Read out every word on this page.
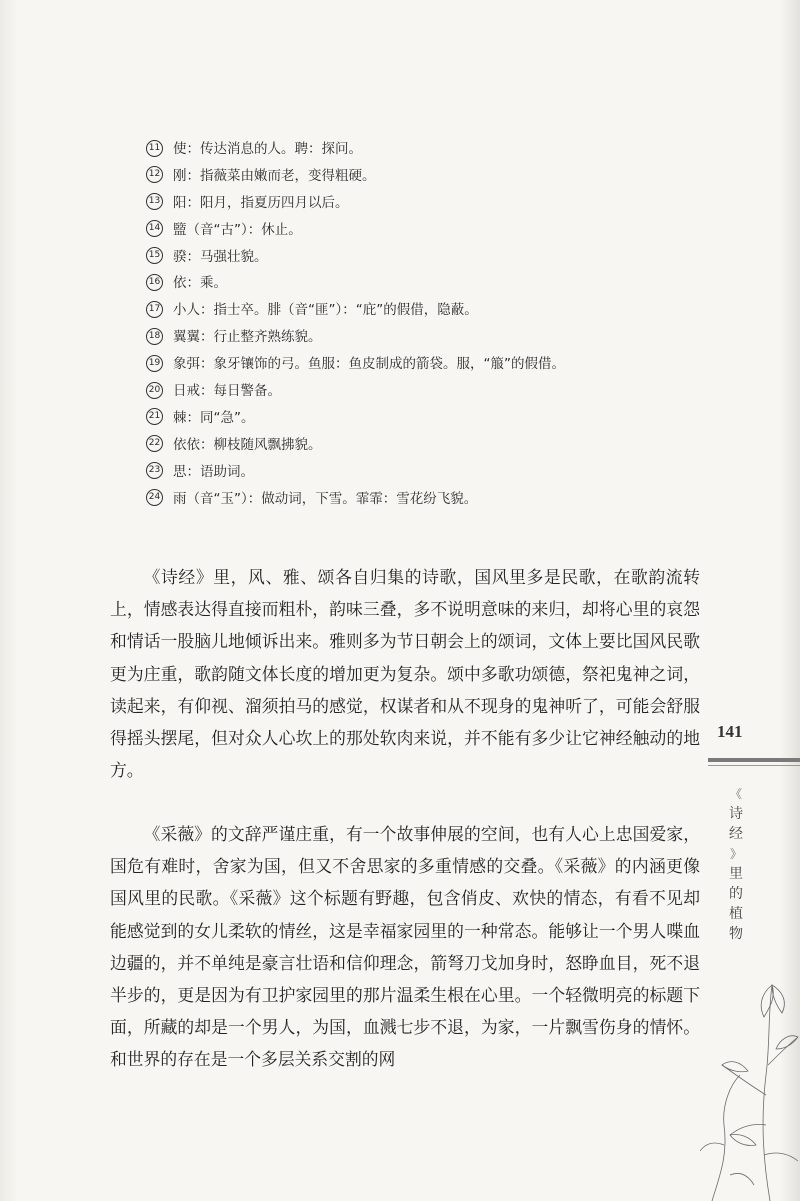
11 使：传达消息的人。聘：探问。
12 刚：指薇菜由嫩而老，变得粗硬。
13 阳：阳月，指夏历四月以后。
14 盬（音“古”）：休止。
15 骙：马强壮貌。
16 依：乘。
17 小人：指士卒。腓（音“匪”）：“庇”的假借，隐蔽。
18 翼翼：行止整齐熟练貌。
19 象弭：象牙镶饰的弓。鱼服：鱼皮制成的箭袋。服，“箙”的假借。
20 日戒：每日警备。
21 棘：同“急”。
22 依依：柳枝随风飘拂貌。
23 思：语助词。
24 雨（音“玉”）：做动词，下雪。霏霏：雪花纷飞貌。

《诗经》里，风、雅、颂各自归集的诗歌，国风里多是民歌，在歌韵流转上，情感表达得直接而粗朴，韵味三叠，多不说明意味的来归，却将心里的哀怨和情话一股脑儿地倾诉出来。雅则多为节日朝会上的颂词，文体上要比国风民歌更为庄重，歌韵随文体长度的增加更为复杂。颂中多歌功颂德，祭祀鬼神之词，读起来，有仰视、溜须拍马的感觉，权谋者和从不现身的鬼神听了，可能会舒服得摇头摆尾，但对众人心坎上的那处软肉来说，并不能有多少让它神经触动的地方。

《采薇》的文辞严谨庄重，有一个故事伸展的空间，也有人心上忠国爱家，国危有难时，舍家为国，但又不舍思家的多重情感的交叠。《采薇》的内涵更像国风里的民歌。《采薇》这个标题有野趣，包含俏皮、欢快的情态，有看不见却能感觉到的女儿柔软的情丝，这是幸福家园里的一种常态。能够让一个男人喋血边疆的，并不单纯是豪言壮语和信仰理念，箭弩刀戈加身时，怒睁血目，死不退半步的，更是因为有卫护家园里的那片温柔生根在心里。一个轻微明亮的标题下面，所藏的却是一个男人，为国，血溅七步不退，为家，一片飘雪伤身的情怀。和世界的存在是一个多层关系交割的网

141
《
诗经
》
里的植物
